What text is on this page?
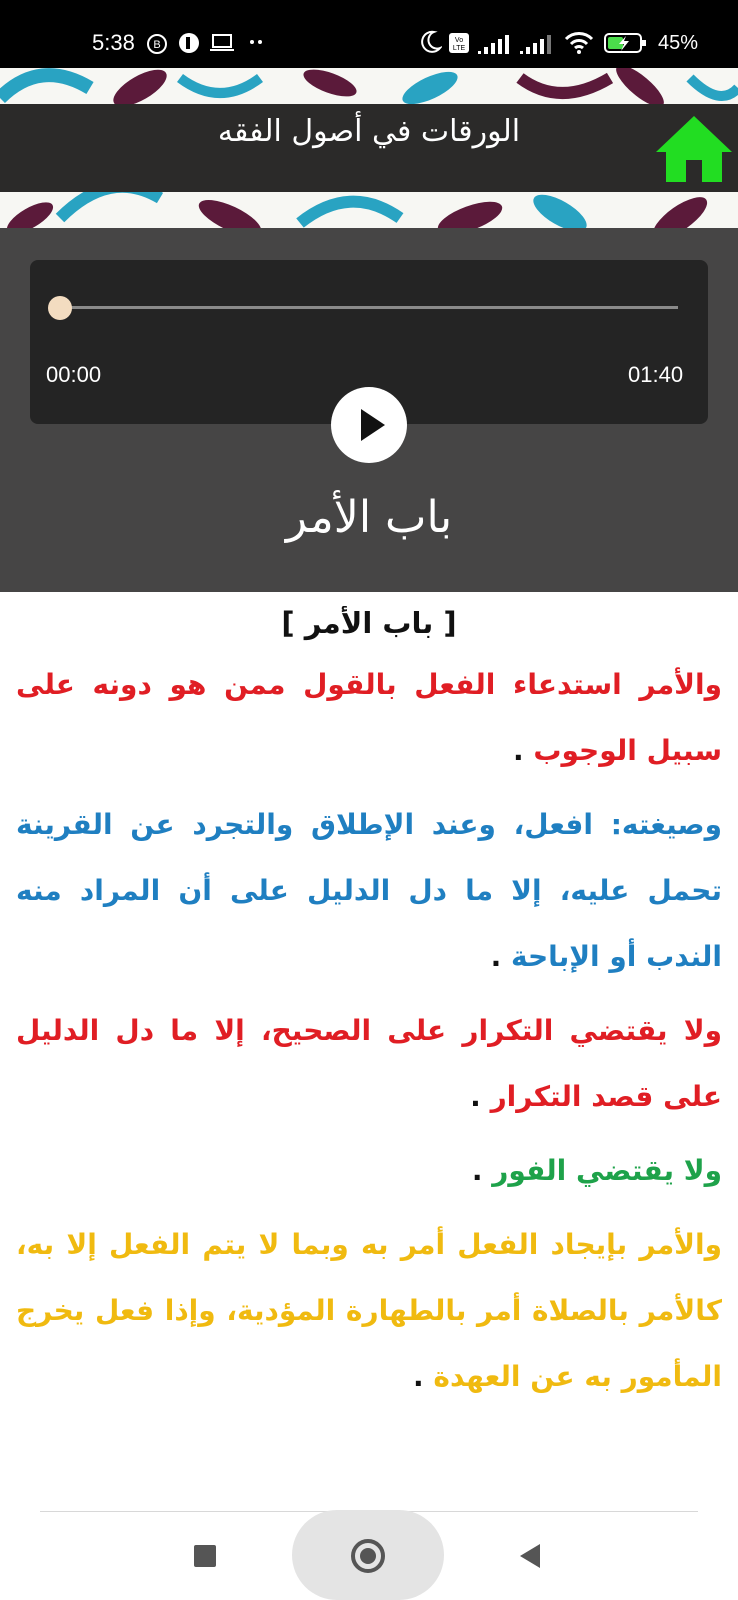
5:38 B	Vo
LTE	45%
الورقات في أصول الفقه
00:00	01:40
باب الأمر
[ باب الأمر ]

والأمر استدعاء الفعل بالقول ممن هو دونه على سبيل الوجوب .

وصيغته: افعل، وعند الإطلاق والتجرد عن القرينة تحمل عليه، إلا ما دل الدليل على أن المراد منه الندب أو الإباحة .

ولا يقتضي التكرار على الصحيح، إلا ما دل الدليل على قصد التكرار .

ولا يقتضي الفور .

والأمر بإيجاد الفعل أمر به وبما لا يتم الفعل إلا به، كالأمر بالصلاة أمر بالطهارة المؤدية، وإذا فعل يخرج المأمور به عن العهدة .
